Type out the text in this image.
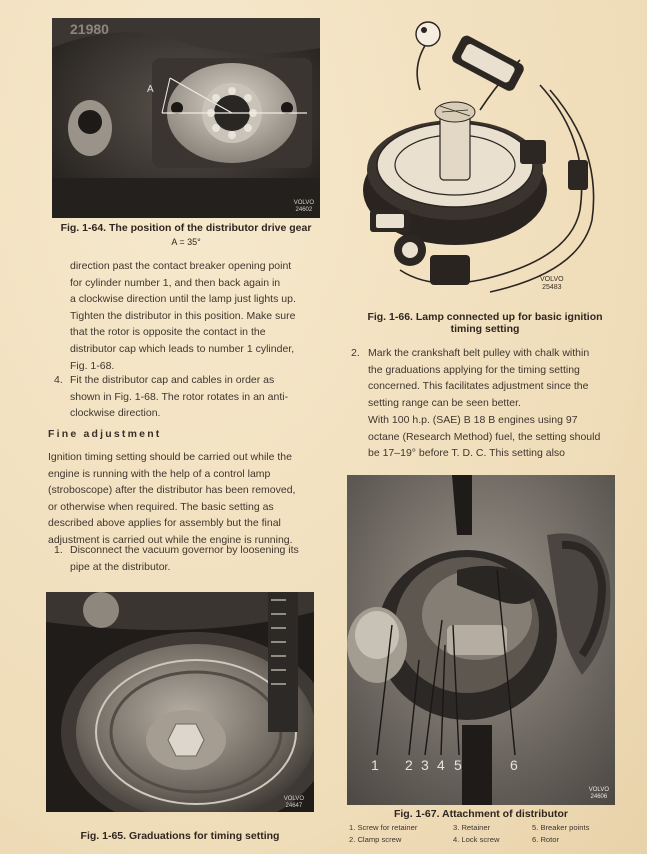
21980
A
VOLVO
24602
Fig. 1-64. The position of the distributor drive gear
A = 35°

direction past the contact breaker opening point

for cylinder number 1, and then back again in

a clockwise direction until the lamp just lights up.

Tighten the distributor in this position. Make sure

that the rotor is opposite the contact in the

distributor cap which leads to number 1 cylinder,

Fig. 1-68.

4. Fit the distributor cap and cables in order as

shown in Fig. 1-68. The rotor rotates in an anti-

clockwise direction.

Fine adjustment

Ignition timing setting should be carried out while the

engine is running with the help of a control lamp

(stroboscope) after the distributor has been removed,

or otherwise when required. The basic setting as

described above applies for assembly but the final

adjustment is carried out while the engine is running.

1. Disconnect the vacuum governor by loosening its

pipe at the distributor.

VOLVO
24647
Fig. 1-65. Graduations for timing setting
VOLVO
25483
Fig. 1-66. Lamp connected up for basic ignition
timing setting
2. Mark the crankshaft belt pulley with chalk within

the graduations applying for the timing setting

concerned. This facilitates adjustment since the

setting range can be seen better.

With 100 h.p. (SAE) B 18 B engines using 97

octane (Research Method) fuel, the setting should

be 17–19° before T. D. C. This setting also

1 2 3 4 5	6
VOLVO
24606
Fig. 1-67. Attachment of distributor
1. Screw for retainer
2. Clamp screw
3. Retainer
4. Lock screw
5. Breaker points
6. Rotor
